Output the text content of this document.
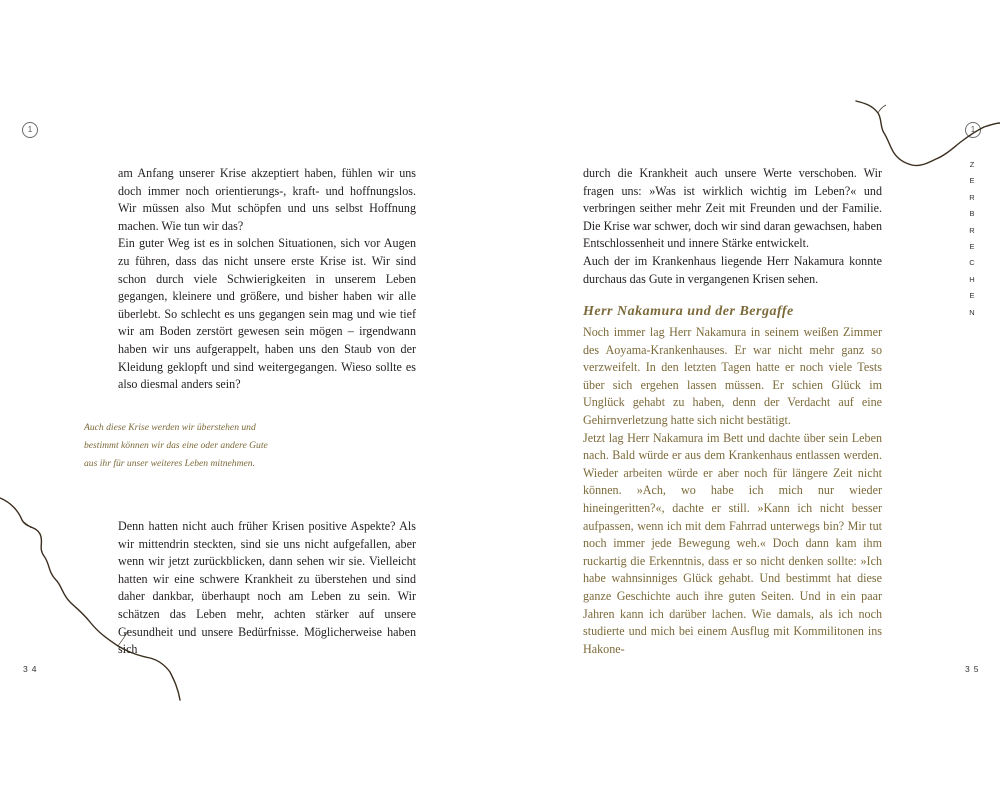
1

am Anfang unserer Krise akzeptiert haben, fühlen wir uns doch immer noch orientierungs-, kraft- und hoffnungslos. Wir müssen also Mut schöpfen und uns selbst Hoffnung machen. Wie tun wir das?

Ein guter Weg ist es in solchen Situationen, sich vor Augen zu führen, dass das nicht unsere erste Krise ist. Wir sind schon durch viele Schwierigkeiten in unserem Leben gegangen, kleinere und größere, und bisher haben wir alle überlebt. So schlecht es uns gegangen sein mag und wie tief wir am Boden zerstört gewesen sein mögen – irgendwann haben wir uns aufgerappelt, haben uns den Staub von der Kleidung geklopft und sind weitergegangen. Wieso sollte es also diesmal anders sein?

Auch diese Krise werden wir überstehen und bestimmt können wir das eine oder andere Gute aus ihr für unser weiteres Leben mitnehmen.

Denn hatten nicht auch früher Krisen positive Aspekte? Als wir mittendrin steckten, sind sie uns nicht aufgefallen, aber wenn wir jetzt zurückblicken, dann sehen wir sie. Vielleicht hatten wir eine schwere Krankheit zu überstehen und sind daher dankbar, überhaupt noch am Leben zu sein. Wir schätzen das Leben mehr, achten stärker auf unsere Gesundheit und unsere Bedürfnisse. Möglicherweise haben sich

34

durch die Krankheit auch unsere Werte verschoben. Wir fragen uns: »Was ist wirklich wichtig im Leben?« und verbringen seither mehr Zeit mit Freunden und der Familie. Die Krise war schwer, doch wir sind daran gewachsen, haben Entschlossenheit und innere Stärke entwickelt.

Auch der im Krankenhaus liegende Herr Nakamura konnte durchaus das Gute in vergangenen Krisen sehen.

Herr Nakamura und der Bergaffe

Noch immer lag Herr Nakamura in seinem weißen Zimmer des Aoyama-Krankenhauses. Er war nicht mehr ganz so verzweifelt. In den letzten Tagen hatte er noch viele Tests über sich ergehen lassen müssen. Er schien Glück im Unglück gehabt zu haben, denn der Verdacht auf eine Gehirnverletzung hatte sich nicht bestätigt.

Jetzt lag Herr Nakamura im Bett und dachte über sein Leben nach. Bald würde er aus dem Krankenhaus entlassen werden. Wieder arbeiten würde er aber noch für längere Zeit nicht können. »Ach, wo habe ich mich nur wieder hineingeritten?«, dachte er still. »Kann ich nicht besser aufpassen, wenn ich mit dem Fahrrad unterwegs bin? Mir tut noch immer jede Bewegung weh.« Doch dann kam ihm ruckartig die Erkenntnis, dass er so nicht denken sollte: »Ich habe wahnsinniges Glück gehabt. Und bestimmt hat diese ganze Geschichte auch ihre guten Seiten. Und in ein paar Jahren kann ich darüber lachen. Wie damals, als ich noch studierte und mich bei einem Ausflug mit Kommilitonen ins Hakone-

1
Z
E
R
B
R
E
C
H
E
N
35
